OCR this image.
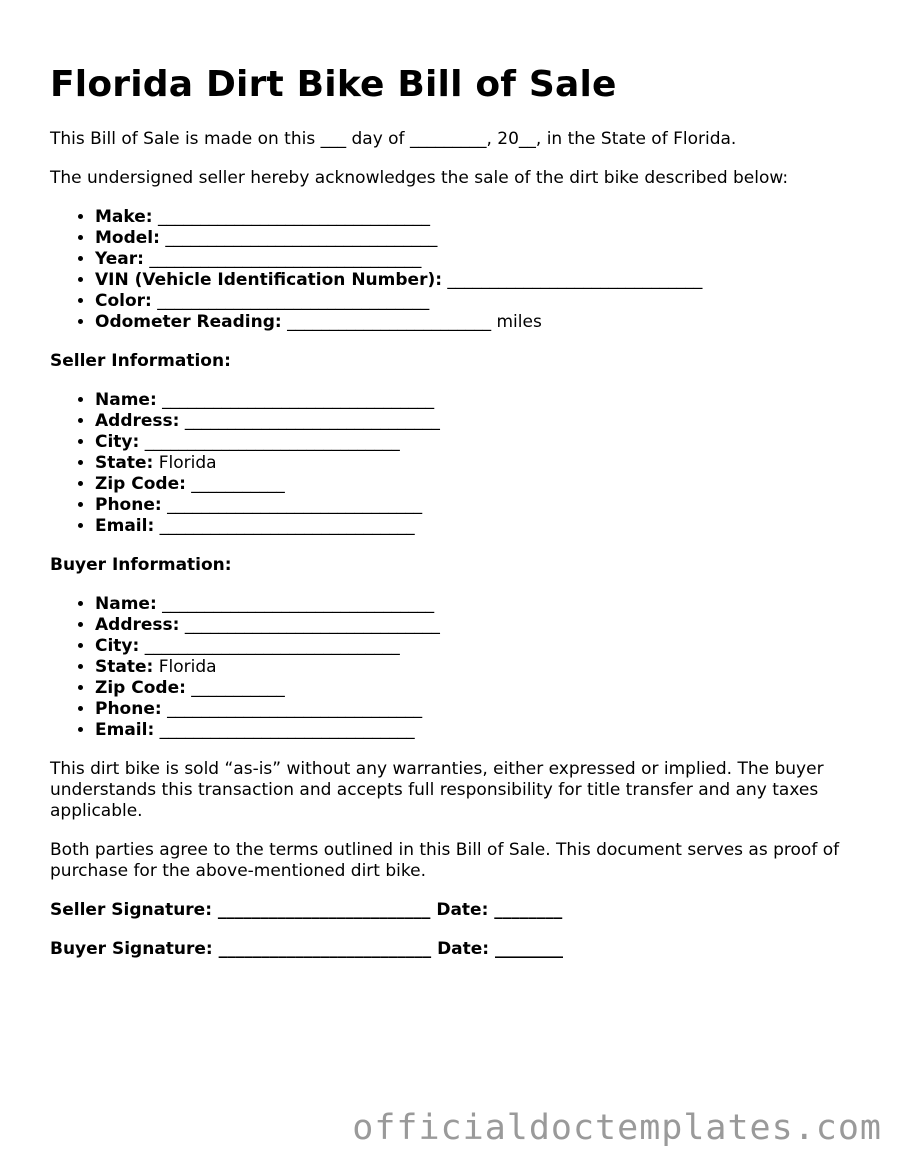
Florida Dirt Bike Bill of Sale

This Bill of Sale is made on this ___ day of _________, 20__, in the State of Florida.

The undersigned seller hereby acknowledges the sale of the dirt bike described below:

• Make: ________________________________
• Model: ________________________________
• Year: ________________________________
• VIN (Vehicle Identification Number): ______________________________
• Color: ________________________________
• Odometer Reading: ________________________ miles
Seller Information:
• Name: ________________________________
• Address: ______________________________
• City: ______________________________
• State: Florida
• Zip Code: ___________
• Phone: ______________________________
• Email: ______________________________
Buyer Information:
• Name: ________________________________
• Address: ______________________________
• City: ______________________________
• State: Florida
• Zip Code: ___________
• Phone: ______________________________
• Email: ______________________________

This dirt bike is sold “as-is” without any warranties, either expressed or implied. The buyer understands this transaction and accepts full responsibility for title transfer and any taxes applicable.

Both parties agree to the terms outlined in this Bill of Sale. This document serves as proof of purchase for the above-mentioned dirt bike.

Seller Signature: _________________________ Date: ________
Buyer Signature: _________________________ Date: ________
officialdoctemplates.com
